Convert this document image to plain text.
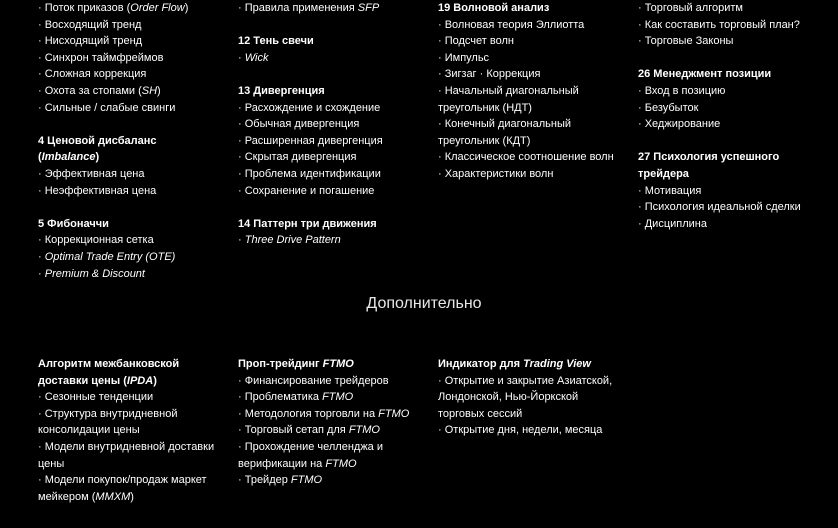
· Поток приказов (Order Flow)
· Восходящий тренд
· Нисходящий тренд
· Синхрон таймфреймов
· Сложная коррекция
· Охота за стопами (SH)
· Сильные / слабые свинги
4 Ценовой дисбаланс (Imbalance)
· Эффективная цена
· Неэффективная цена
5 Фибоначчи
· Коррекционная сетка
· Optimal Trade Entry (OTE)
· Premium & Discount
· Правила применения SFP
12 Тень свечи
· Wick
13 Дивергенция
· Расхождение и схождение
· Обычная дивергенция
· Расширенная дивергенция
· Скрытая дивергенция
· Проблема идентификации
· Сохранение и погашение
14 Паттерн три движения
· Three Drive Pattern
19 Волновой анализ
· Волновая теория Эллиотта
· Подсчет волн
· Импульс
· Зигзаг · Коррекция
· Начальный диагональный треугольник (НДТ)
· Конечный диагональный треугольник (КДТ)
· Классическое соотношение волн
· Характеристики волн
· Торговый алгоритм
· Как составить торговый план?
· Торговые Законы
26 Менеджмент позиции
· Вход в позицию
· Безубыток
· Хеджирование
27 Психология успешного трейдера
· Мотивация
· Психология идеальной сделки
· Дисциплина
Дополнительно
Алгоритм межбанковской доставки цены (IPDA)
· Сезонные тенденции
· Структура внутридневной консолидации цены
· Модели внутридневной доставки цены
· Модели покупок/продаж маркет мейкером (MMXM)
Проп-трейдинг FTMO
· Финансирование трейдеров
· Проблематика FTMO
· Методология торговли на FTMO
· Торговый сетап для FTMO
· Прохождение челленджа и верификации на FTMO
· Трейдер FTMO
Индикатор для Trading View
· Открытие и закрытие Азиатской, Лондонской, Нью-Йоркской торговых сессий
· Открытие дня, недели, месяца
